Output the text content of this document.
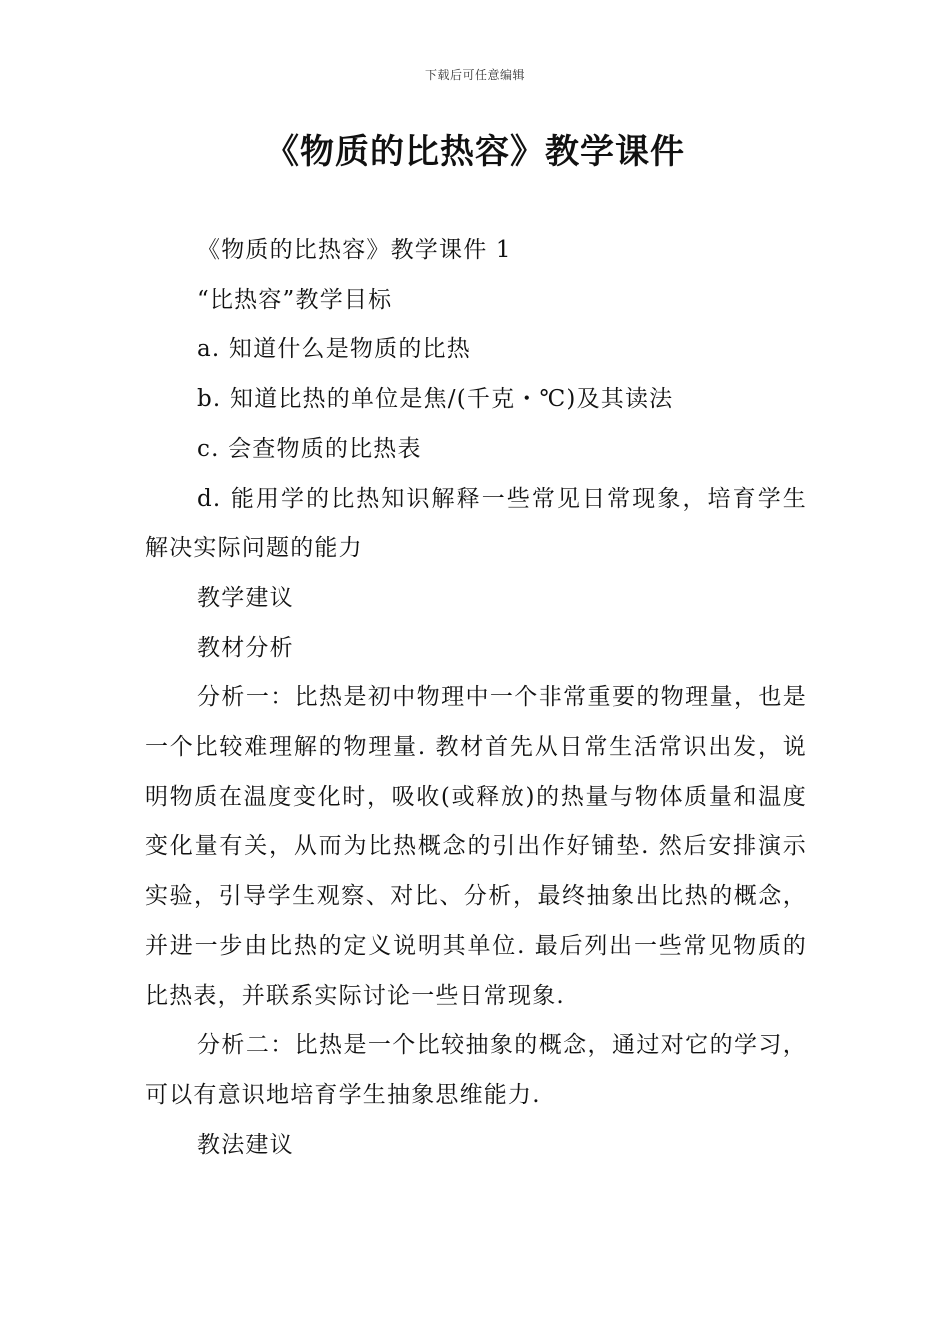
下载后可任意编辑
《物质的比热容》教学课件

《物质的比热容》教学课件 1

“比热容”教学目标

a. 知道什么是物质的比热

b. 知道比热的单位是焦/(千克・℃)及其读法

c. 会查物质的比热表

d. 能用学的比热知识解释一些常见日常现象，培育学生解决实际问题的能力

教学建议

教材分析

分析一：比热是初中物理中一个非常重要的物理量，也是一个比较难理解的物理量. 教材首先从日常生活常识出发，说明物质在温度变化时，吸收(或释放)的热量与物体质量和温度变化量有关，从而为比热概念的引出作好铺垫. 然后安排演示实验，引导学生观察、对比、分析，最终抽象出比热的概念，并进一步由比热的定义说明其单位. 最后列出一些常见物质的比热表，并联系实际讨论一些日常现象.

分析二：比热是一个比较抽象的概念，通过对它的学习，可以有意识地培育学生抽象思维能力.

教法建议
